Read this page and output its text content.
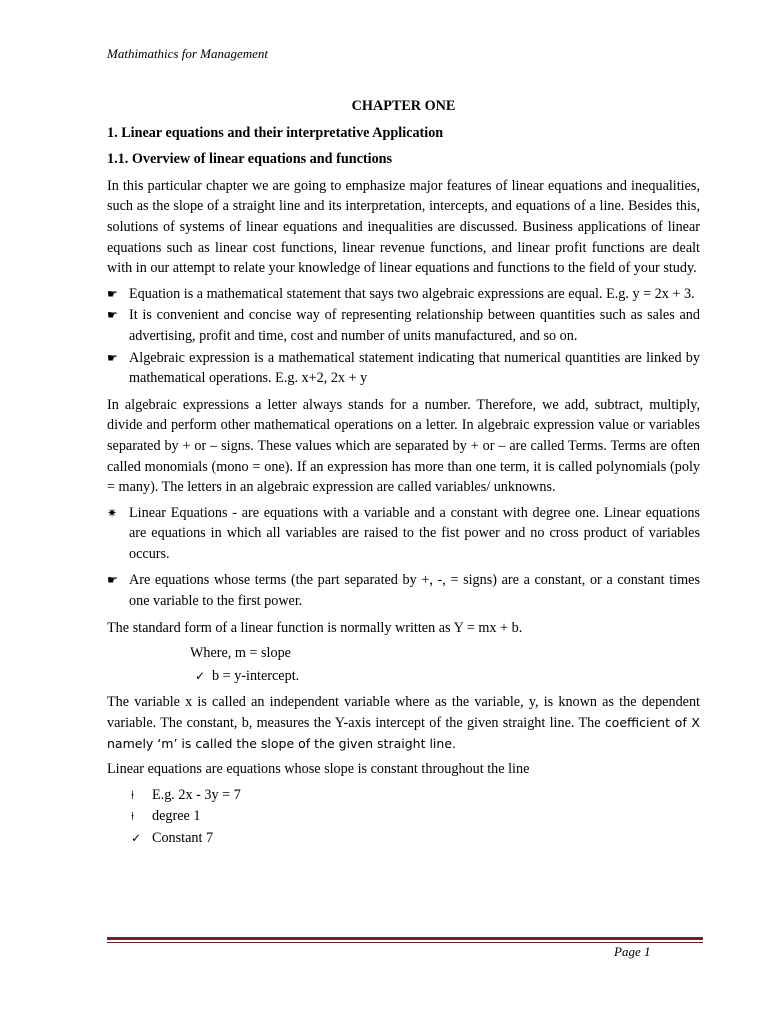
Mathimathics for Management
CHAPTER ONE
1. Linear equations and their interpretative Application
1.1. Overview of linear equations and functions

In this particular chapter we are going to emphasize major features of linear equations and inequalities, such as the slope of a straight line and its interpretation, intercepts, and equations of a line. Besides this, solutions of systems of linear equations and inequalities are discussed. Business applications of linear equations such as linear cost functions, linear revenue functions, and linear profit functions are dealt with in our attempt to relate your knowledge of linear equations and functions to the field of your study.

☛ Equation is a mathematical statement that says two algebraic expressions are equal. E.g. y = 2x + 3.
☛ It is convenient and concise way of representing relationship between quantities such as sales and advertising, profit and time, cost and number of units manufactured, and so on.
☛ Algebraic expression is a mathematical statement indicating that numerical quantities are linked by mathematical operations. E.g. x+2, 2x + y

In algebraic expressions a letter always stands for a number. Therefore, we add, subtract, multiply, divide and perform other mathematical operations on a letter. In algebraic expression value or variables separated by + or – signs. These values which are separated by + or – are called Terms. Terms are often called monomials (mono = one). If an expression has more than one term, it is called polynomials (poly = many). The letters in an algebraic expression are called variables/ unknowns.

✷ Linear Equations - are equations with a variable and a constant with degree one. Linear equations are equations in which all variables are raised to the fist power and no cross product of variables occurs.
☛ Are equations whose terms (the part separated by +, -, = signs) are a constant, or a constant times one variable to the first power.

The standard form of a linear function is normally written as Y = mx + b.

Where, m = slope
✓ b = y-intercept.

The variable x is called an independent variable where as the variable, y, is known as the dependent variable. The constant, b, measures the Y-axis intercept of the given straight line. The coefficient of X namely ‘m’ is called the slope of the given straight line.

Linear equations are equations whose slope is constant throughout the line

⍿ E.g. 2x - 3y = 7
⍿ degree 1
✓ Constant 7
Page 1
